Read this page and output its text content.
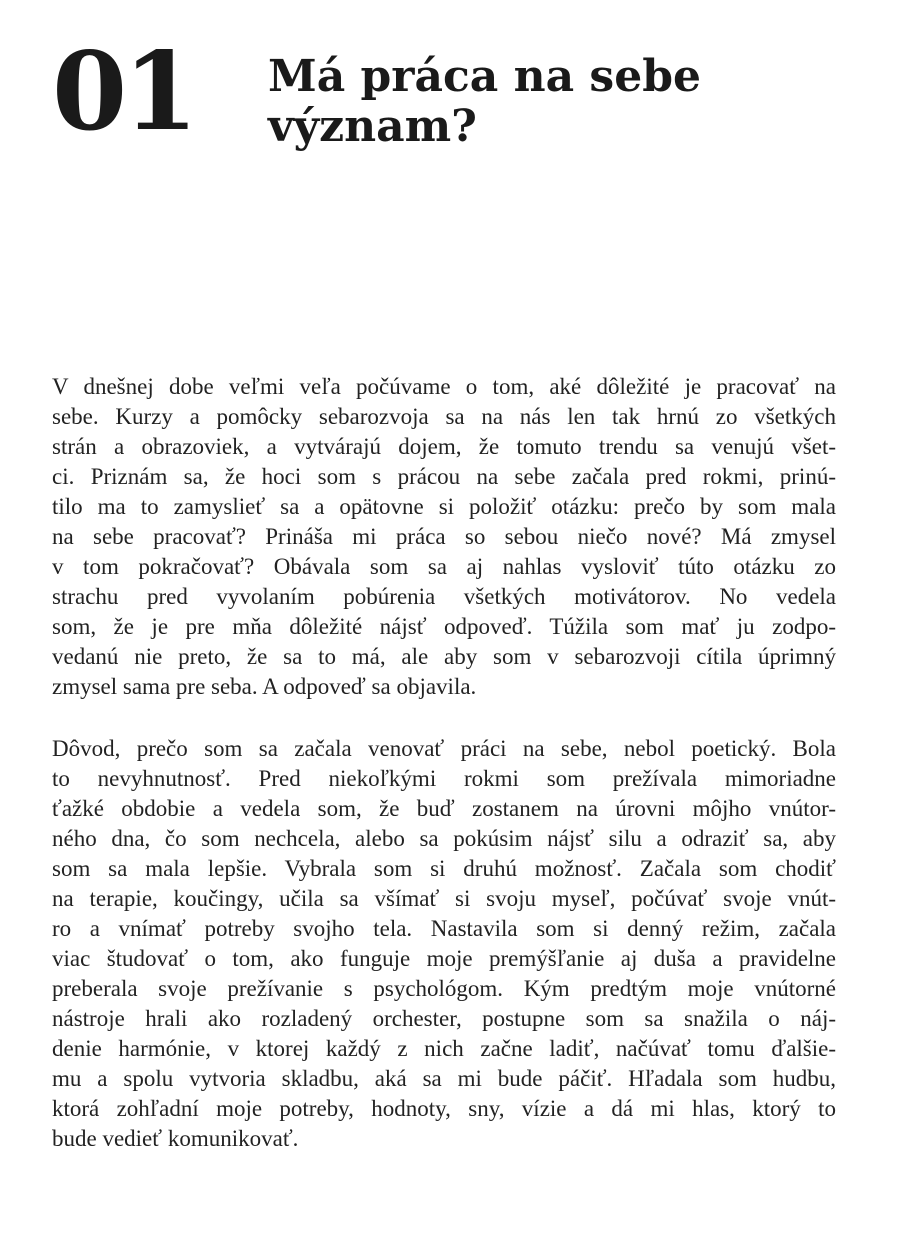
01 Má práca na sebe
význam?
V dnešnej dobe veľmi veľa počúvame o tom, aké dôležité je pracovať na
sebe. Kurzy a pomôcky sebarozvoja sa na nás len tak hrnú zo všetkých
strán a obrazoviek, a vytvárajú dojem, že tomuto trendu sa venujú všet-
ci. Priznám sa, že hoci som s prácou na sebe začala pred rokmi, prinú-
tilo ma to zamyslieť sa a opätovne si položiť otázku: prečo by som mala
na sebe pracovať? Prináša mi práca so sebou niečo nové? Má zmysel
v tom pokračovať? Obávala som sa aj nahlas vysloviť túto otázku zo
strachu pred vyvolaním pobúrenia všetkých motivátorov. No vedela
som, že je pre mňa dôležité nájsť odpoveď. Túžila som mať ju zodpo-
vedanú nie preto, že sa to má, ale aby som v sebarozvoji cítila úprimný
zmysel sama pre seba. A odpoveď sa objavila.
Dôvod, prečo som sa začala venovať práci na sebe, nebol poetický. Bola
to nevyhnutnosť. Pred niekoľkými rokmi som prežívala mimoriadne
ťažké obdobie a vedela som, že buď zostanem na úrovni môjho vnútor-
ného dna, čo som nechcela, alebo sa pokúsim nájsť silu a odraziť sa, aby
som sa mala lepšie. Vybrala som si druhú možnosť. Začala som chodiť
na terapie, koučingy, učila sa všímať si svoju myseľ, počúvať svoje vnút-
ro a vnímať potreby svojho tela. Nastavila som si denný režim, začala
viac študovať o tom, ako funguje moje premýšľanie aj duša a pravidelne
preberala svoje prežívanie s psychológom. Kým predtým moje vnútorné
nástroje hrali ako rozladený orchester, postupne som sa snažila o náj-
denie harmónie, v ktorej každý z nich začne ladiť, načúvať tomu ďalšie-
mu a spolu vytvoria skladbu, aká sa mi bude páčiť. Hľadala som hudbu,
ktorá zohľadní moje potreby, hodnoty, sny, vízie a dá mi hlas, ktorý to
bude vedieť komunikovať.
